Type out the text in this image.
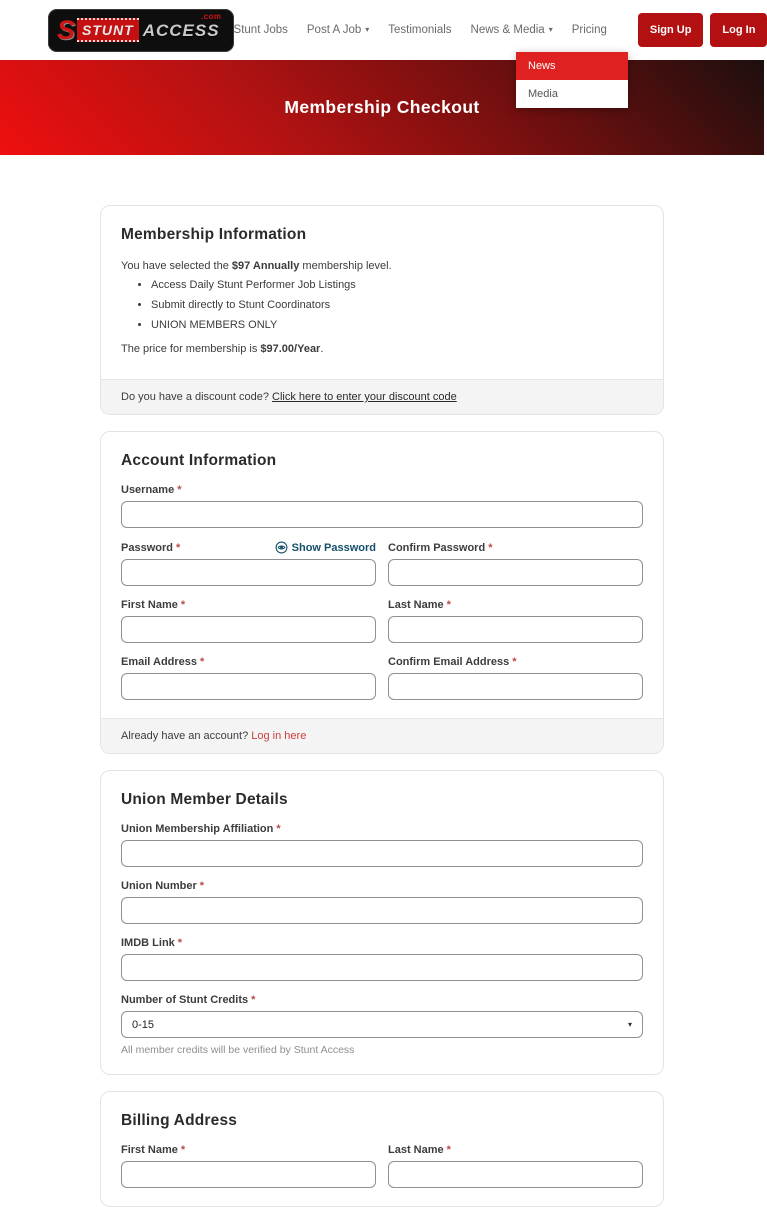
S STUNT ACCESS
.com
Stunt Jobs Post A Job ▾ Testimonials News & Media ▾ Pricing	Sign Up	Log In
News
Media
Membership Checkout
Membership Information

You have selected the $97 Annually membership level.

• Access Daily Stunt Performer Job Listings
• Submit directly to Stunt Coordinators
• UNION MEMBERS ONLY

The price for membership is $97.00/Year.

Do you have a discount code? Click here to enter your discount code
Account Information
Username *
Password *	Show Password Confirm Password *
First Name *	Last Name *
Email Address *	Confirm Email Address *
Already have an account? Log in here
Union Member Details
Union Membership Affiliation *
Union Number *
IMDB Link *
Number of Stunt Credits *
0-15	▾
All member credits will be verified by Stunt Access
Billing Address
First Name *	Last Name *
